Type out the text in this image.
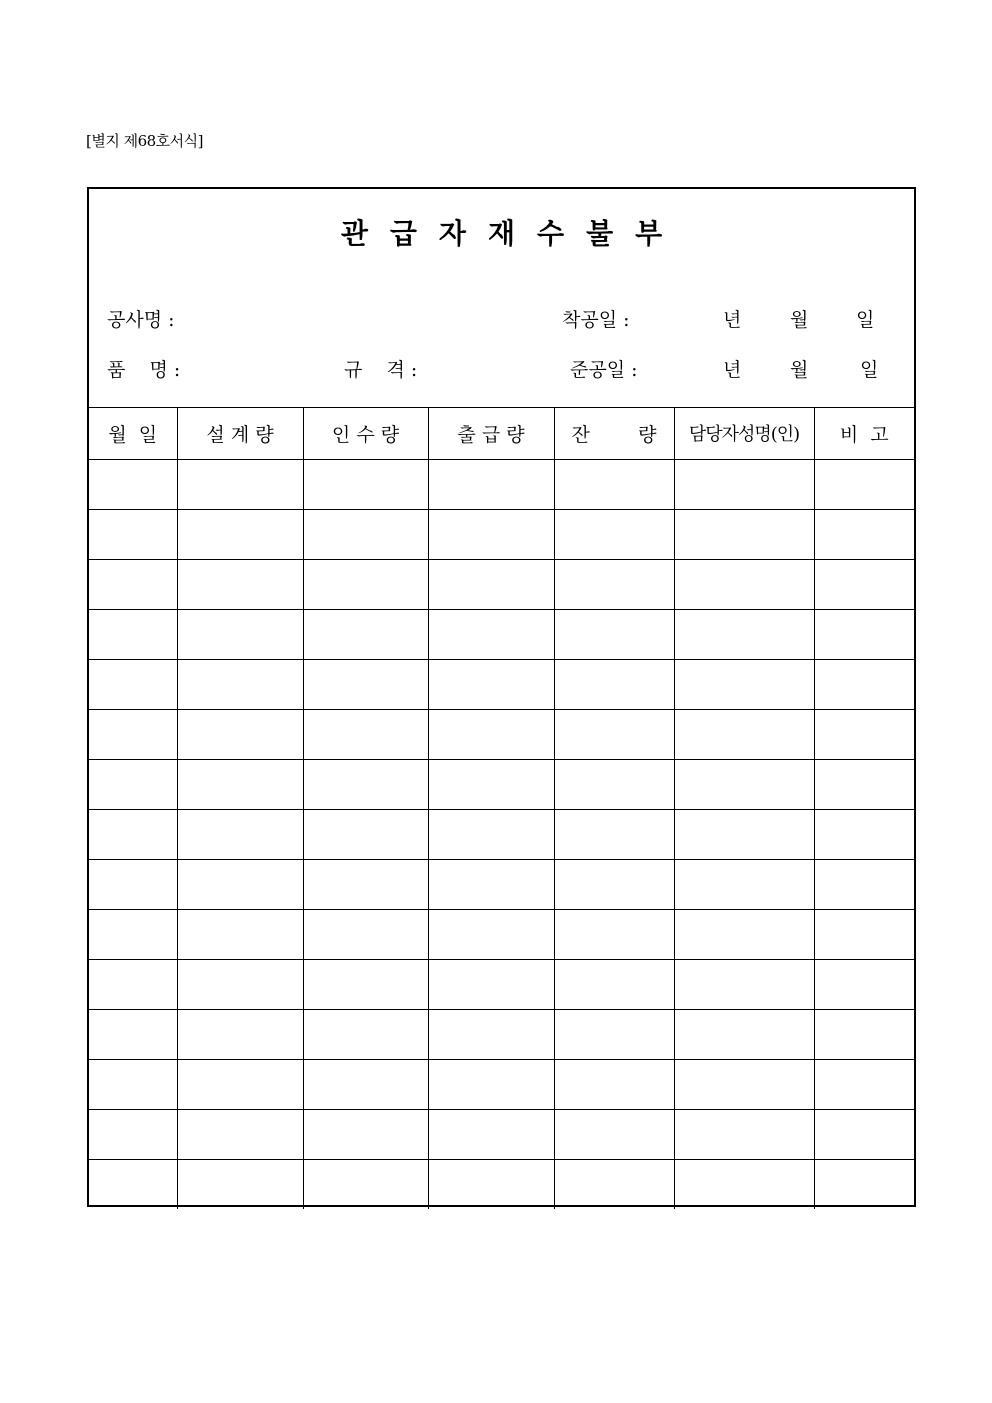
[별지 제68호서식]
관급자재수불부
공사명 :	착공일 :	년	월	일
품    명 :	규    격 :	준공일 :	년	월	일
월  일	설 계 량	인 수 량	출 급 량	잔        량	담당자성명(인)	비  고
